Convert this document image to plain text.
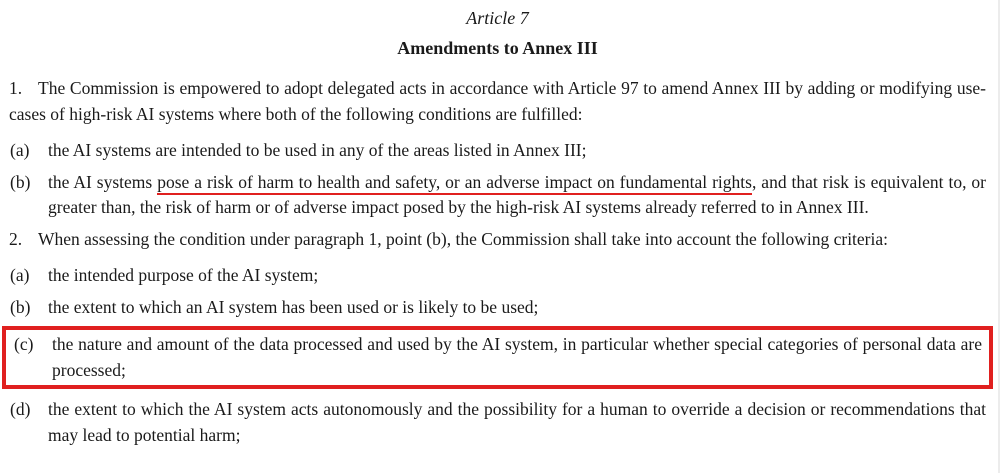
Article 7
Amendments to Annex III

1. The Commission is empowered to adopt delegated acts in accordance with Article 97 to amend Annex III by adding or modifying use-cases of high-risk AI systems where both of the following conditions are fulfilled:

(a) the AI systems are intended to be used in any of the areas listed in Annex III;
(b) the AI systems pose a risk of harm to health and safety, or an adverse impact on fundamental rights, and that risk is equivalent to, or greater than, the risk of harm or of adverse impact posed by the high-risk AI systems already referred to in Annex III.

2. When assessing the condition under paragraph 1, point (b), the Commission shall take into account the following criteria:

(a) the intended purpose of the AI system;
(b) the extent to which an AI system has been used or is likely to be used;
(c) the nature and amount of the data processed and used by the AI system, in particular whether special categories of personal data are processed;
(d) the extent to which the AI system acts autonomously and the possibility for a human to override a decision or recommendations that may lead to potential harm;
